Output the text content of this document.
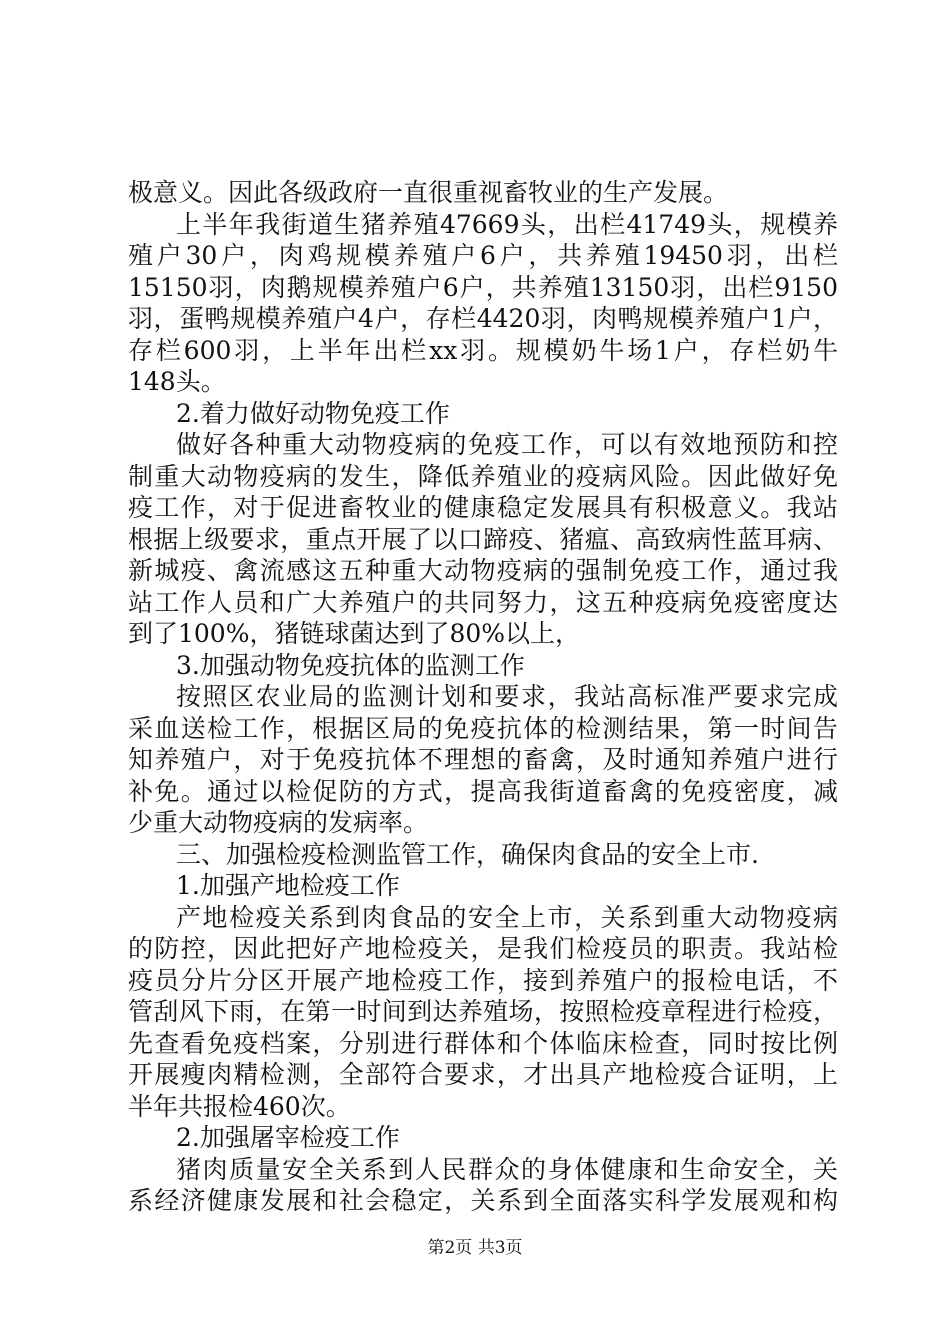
极意义。因此各级政府一直很重视畜牧业的生产发展。
上半年我街道生猪养殖47669头，出栏41749头，规模养
殖户30户，肉鸡规模养殖户6户，共养殖19450羽，出栏
15150羽，肉鹅规模养殖户6户，共养殖13150羽，出栏9150
羽，蛋鸭规模养殖户4户，存栏4420羽，肉鸭规模养殖户1户，
存栏600羽，上半年出栏xx羽。规模奶牛场1户，存栏奶牛
148头。
2.着力做好动物免疫工作
做好各种重大动物疫病的免疫工作，可以有效地预防和控
制重大动物疫病的发生，降低养殖业的疫病风险。因此做好免
疫工作，对于促进畜牧业的健康稳定发展具有积极意义。我站
根据上级要求，重点开展了以口蹄疫、猪瘟、高致病性蓝耳病、
新城疫、禽流感这五种重大动物疫病的强制免疫工作，通过我
站工作人员和广大养殖户的共同努力，这五种疫病免疫密度达
到了100%，猪链球菌达到了80%以上，
3.加强动物免疫抗体的监测工作
按照区农业局的监测计划和要求，我站高标准严要求完成
采血送检工作，根据区局的免疫抗体的检测结果，第一时间告
知养殖户，对于免疫抗体不理想的畜禽，及时通知养殖户进行
补免。通过以检促防的方式，提高我街道畜禽的免疫密度，减
少重大动物疫病的发病率。
三、加强检疫检测监管工作，确保肉食品的安全上市.
1.加强产地检疫工作
产地检疫关系到肉食品的安全上市，关系到重大动物疫病
的防控，因此把好产地检疫关，是我们检疫员的职责。我站检
疫员分片分区开展产地检疫工作，接到养殖户的报检电话，不
管刮风下雨，在第一时间到达养殖场，按照检疫章程进行检疫，
先查看免疫档案，分别进行群体和个体临床检查，同时按比例
开展瘦肉精检测，全部符合要求，才出具产地检疫合证明，上
半年共报检460次。
2.加强屠宰检疫工作
猪肉质量安全关系到人民群众的身体健康和生命安全，关
系经济健康发展和社会稳定，关系到全面落实科学发展观和构
第2页 共3页
